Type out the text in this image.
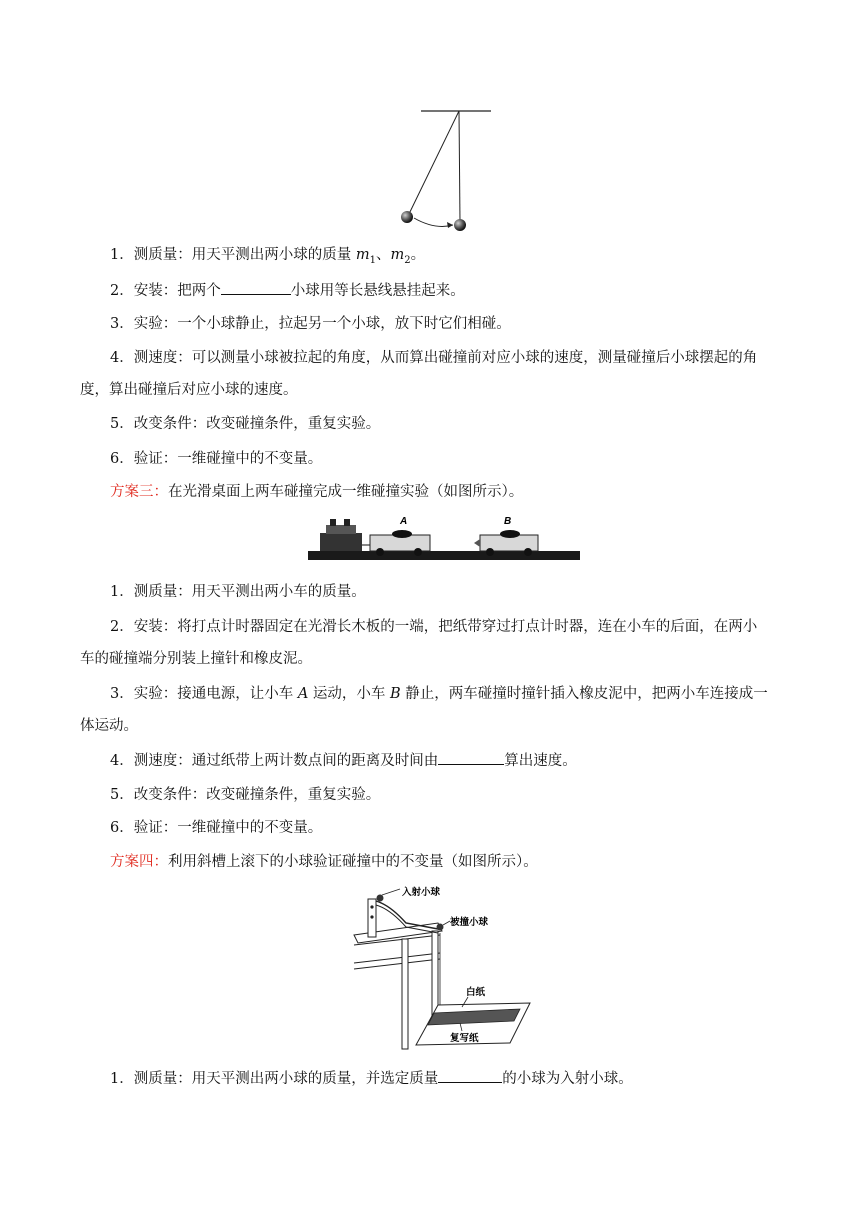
1．测质量：用天平测出两小球的质量 $m_1$、$m_2$。
2．安装：把两个	小球用等长悬线悬挂起来。
3．实验：一个小球静止，拉起另一个小球，放下时它们相碰。
4．测速度：可以测量小球被拉起的角度，从而算出碰撞前对应小球的速度，测量碰撞后小球摆起的角
度，算出碰撞后对应小球的速度。
5．改变条件：改变碰撞条件，重复实验。
6．验证：一维碰撞中的不变量。
方案三：在光滑桌面上两车碰撞完成一维碰撞实验（如图所示）。
A	B
1．测质量：用天平测出两小车的质量。
2．安装：将打点计时器固定在光滑长木板的一端，把纸带穿过打点计时器，连在小车的后面，在两小
车的碰撞端分别装上撞针和橡皮泥。
3．实验：接通电源，让小车 A 运动，小车 B 静止，两车碰撞时撞针插入橡皮泥中，把两小车连接成一
体运动。
4．测速度：通过纸带上两计数点间的距离及时间由	算出速度。
5．改变条件：改变碰撞条件，重复实验。
6．验证：一维碰撞中的不变量。
方案四：利用斜槽上滚下的小球验证碰撞中的不变量（如图所示）。
入射小球
被撞小球
白纸
复写纸
1．测质量：用天平测出两小球的质量，并选定质量	的小球为入射小球。
